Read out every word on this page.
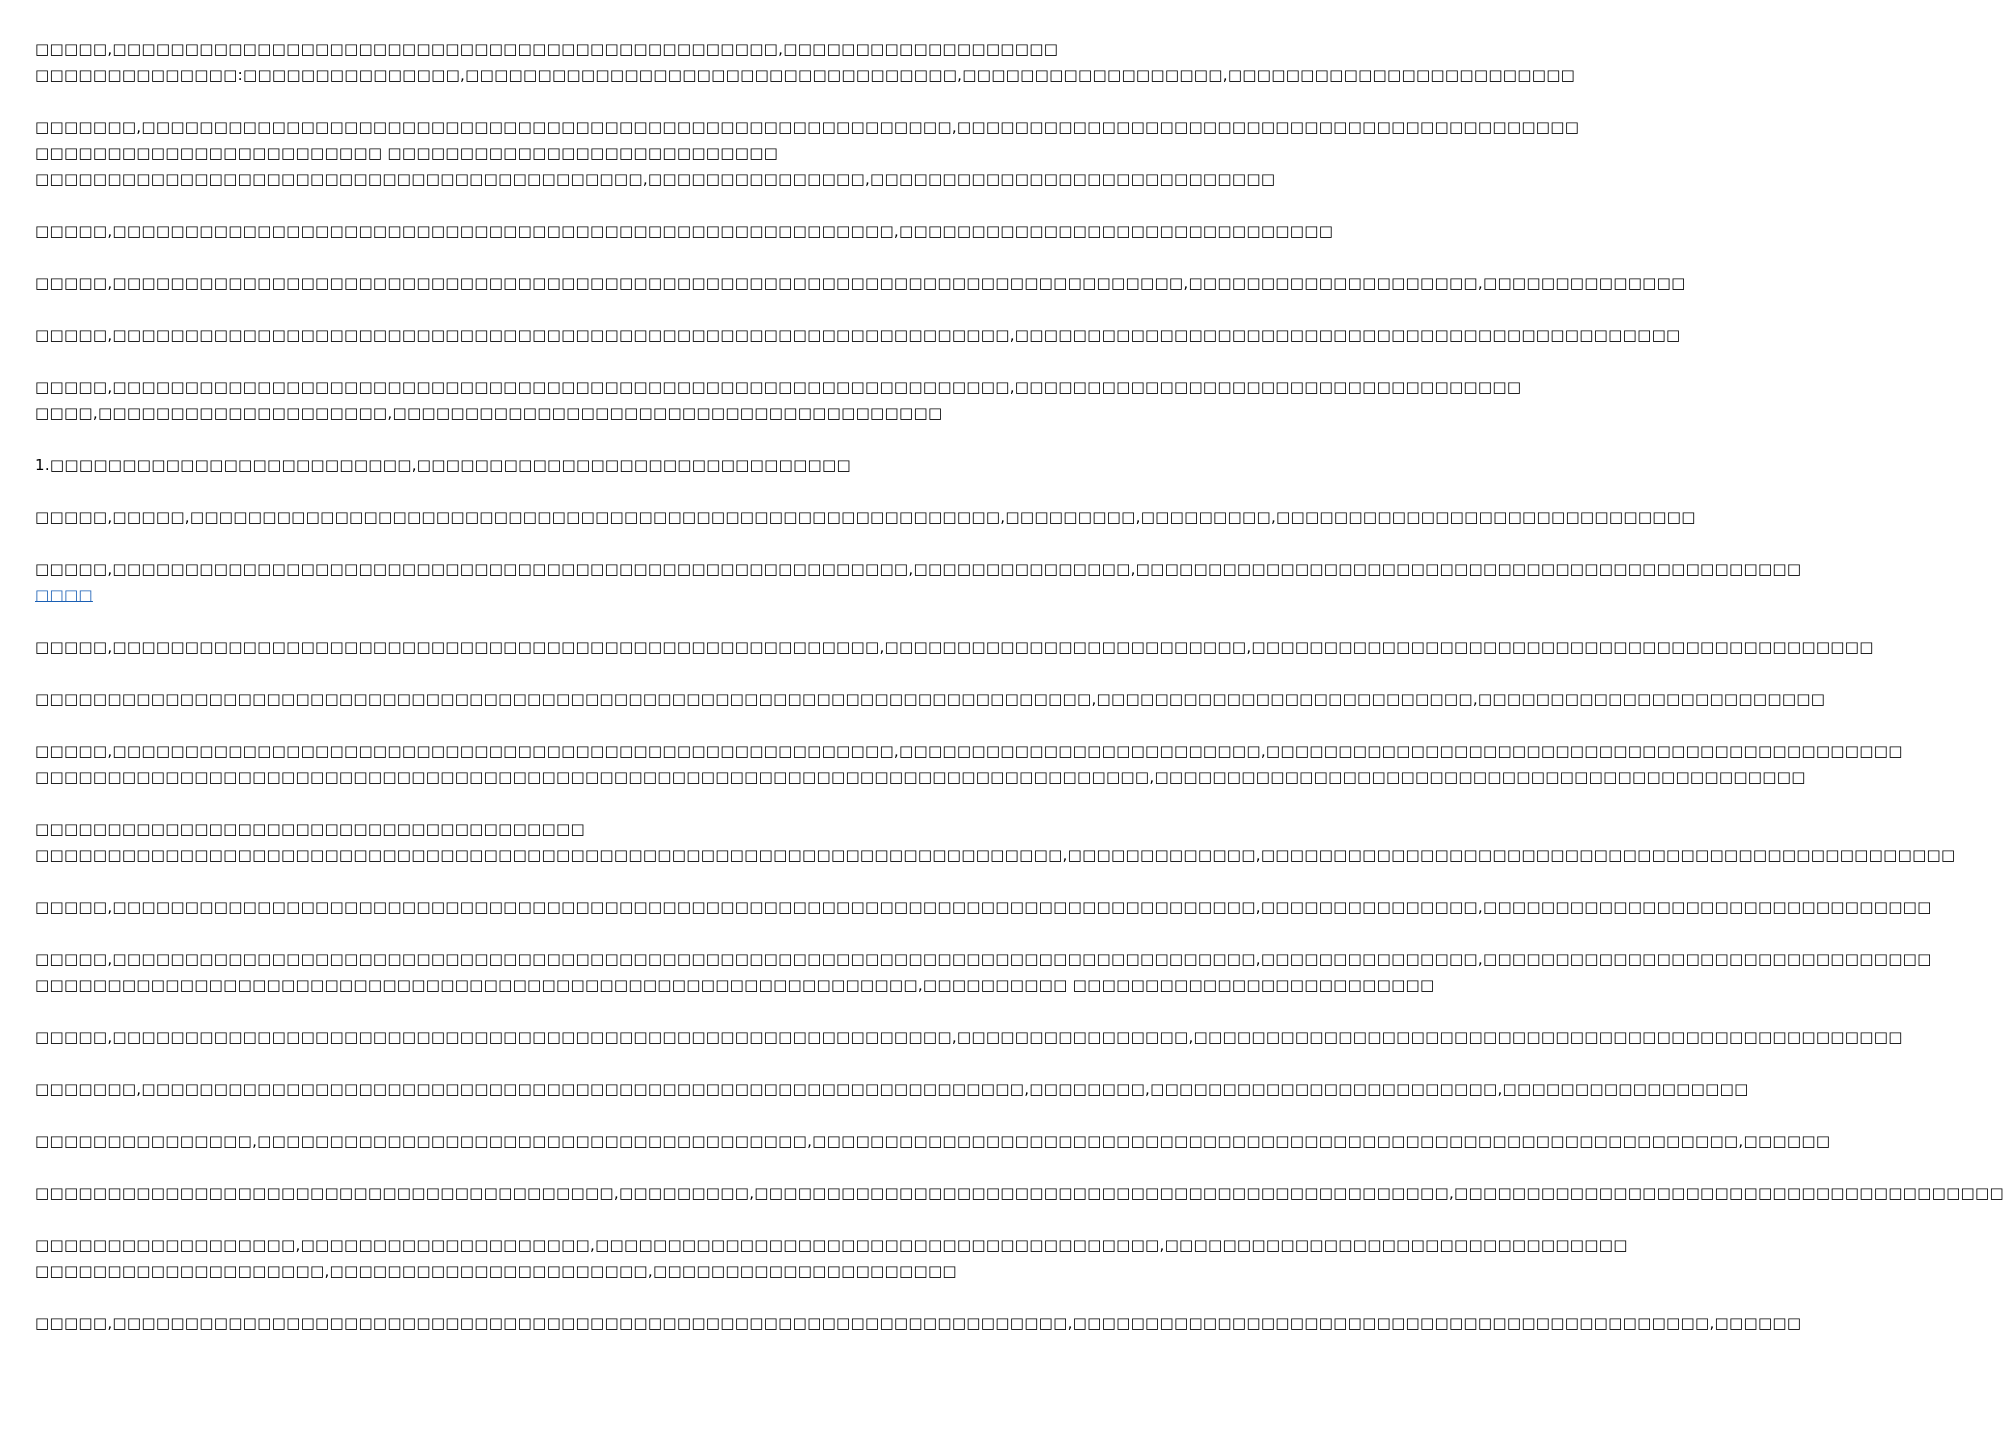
□□□□□,□□□□□□□□□□□□□□□□□□□□□□□□□□□□□□□□□□□□□□□□□□□□□□,□□□□□□□□□□□□□□□□□□□
□□□□□□□□□□□□□□:□□□□□□□□□□□□□□□,□□□□□□□□□□□□□□□□□□□□□□□□□□□□□□□□□□,□□□□□□□□□□□□□□□□□□,□□□□□□□□□□□□□□□□□□□□□□□□
□□□□□□□,□□□□□□□□□□□□□□□□□□□□□□□□□□□□□□□□□□□□□□□□□□□□□□□□□□□□□□□□,□□□□□□□□□□□□□□□□□□□□□□□□□□□□□□□□□□□□□□□□□□□
□□□□□□□□□□□□□□□□□□□□□□□□ □□□□□□□□□□□□□□□□□□□□□□□□□□□
□□□□□□□□□□□□□□□□□□□□□□□□□□□□□□□□□□□□□□□□□□,□□□□□□□□□□□□□□□,□□□□□□□□□□□□□□□□□□□□□□□□□□□□
□□□□□,□□□□□□□□□□□□□□□□□□□□□□□□□□□□□□□□□□□□□□□□□□□□□□□□□□□□□□,□□□□□□□□□□□□□□□□□□□□□□□□□□□□□□
□□□□□,□□□□□□□□□□□□□□□□□□□□□□□□□□□□□□□□□□□□□□□□□□□□□□□□□□□□□□□□□□□□□□□□□□□□□□□□□□,□□□□□□□□□□□□□□□□□□□□,□□□□□□□□□□□□□□
□□□□□,□□□□□□□□□□□□□□□□□□□□□□□□□□□□□□□□□□□□□□□□□□□□□□□□□□□□□□□□□□□□□□,□□□□□□□□□□□□□□□□□□□□□□□□□□□□□□□□□□□□□□□□□□□□□□
□□□□□,□□□□□□□□□□□□□□□□□□□□□□□□□□□□□□□□□□□□□□□□□□□□□□□□□□□□□□□□□□□□□□,□□□□□□□□□□□□□□□□□□□□□□□□□□□□□□□□□□□
□□□□,□□□□□□□□□□□□□□□□□□□□,□□□□□□□□□□□□□□□□□□□□□□□□□□□□□□□□□□□□□□
1.□□□□□□□□□□□□□□□□□□□□□□□□□,□□□□□□□□□□□□□□□□□□□□□□□□□□□□□□
□□□□□,□□□□□,□□□□□□□□□□□□□□□□□□□□□□□□□□□□□□□□□□□□□□□□□□□□□□□□□□□□□□□□,□□□□□□□□□,□□□□□□□□□,□□□□□□□□□□□□□□□□□□□□□□□□□□□□□
□□□□□,□□□□□□□□□□□□□□□□□□□□□□□□□□□□□□□□□□□□□□□□□□□□□□□□□□□□□□□,□□□□□□□□□□□□□□□,□□□□□□□□□□□□□□□□□□□□□□□□□□□□□□□□□□□□□□□□□□□□□□
□□□□
□□□□□,□□□□□□□□□□□□□□□□□□□□□□□□□□□□□□□□□□□□□□□□□□□□□□□□□□□□□,□□□□□□□□□□□□□□□□□□□□□□□□□,□□□□□□□□□□□□□□□□□□□□□□□□□□□□□□□□□□□□□□□□□□□
□□□□□□□□□□□□□□□□□□□□□□□□□□□□□□□□□□□□□□□□□□□□□□□□□□□□□□□□□□□□□□□□□□□□□□□□□,□□□□□□□□□□□□□□□□□□□□□□□□□□,□□□□□□□□□□□□□□□□□□□□□□□□
□□□□□,□□□□□□□□□□□□□□□□□□□□□□□□□□□□□□□□□□□□□□□□□□□□□□□□□□□□□□,□□□□□□□□□□□□□□□□□□□□□□□□□,□□□□□□□□□□□□□□□□□□□□□□□□□□□□□□□□□□□□□□□□□□□□
□□□□□□□□□□□□□□□□□□□□□□□□□□□□□□□□□□□□□□□□□□□□□□□□□□□□□□□□□□□□□□□□□□□□□□□□□□□□□,□□□□□□□□□□□□□□□□□□□□□□□□□□□□□□□□□□□□□□□□□□□□□
□□□□□□□□□□□□□□□□□□□□□□□□□□□□□□□□□□□□□□
□□□□□□□□□□□□□□□□□□□□□□□□□□□□□□□□□□□□□□□□□□□□□□□□□□□□□□□□□□□□□□□□□□□□□□□,□□□□□□□□□□□□□,□□□□□□□□□□□□□□□□□□□□□□□□□□□□□□□□□□□□□□□□□□□□□□□□
□□□□□,□□□□□□□□□□□□□□□□□□□□□□□□□□□□□□□□□□□□□□□□□□□□□□□□□□□□□□□□□□□□□□□□□□□□□□□□□□□□□□□,□□□□□□□□□□□□□□□,□□□□□□□□□□□□□□□□□□□□□□□□□□□□□□□
□□□□□,□□□□□□□□□□□□□□□□□□□□□□□□□□□□□□□□□□□□□□□□□□□□□□□□□□□□□□□□□□□□□□□□□□□□□□□□□□□□□□□,□□□□□□□□□□□□□□□,□□□□□□□□□□□□□□□□□□□□□□□□□□□□□□□
□□□□□□□□□□□□□□□□□□□□□□□□□□□□□□□□□□□□□□□□□□□□□□□□□□□□□□□□□□□□□,□□□□□□□□□□ □□□□□□□□□□□□□□□□□□□□□□□□□
□□□□□,□□□□□□□□□□□□□□□□□□□□□□□□□□□□□□□□□□□□□□□□□□□□□□□□□□□□□□□□□□,□□□□□□□□□□□□□□□□,□□□□□□□□□□□□□□□□□□□□□□□□□□□□□□□□□□□□□□□□□□□□□□□□□
□□□□□□□,□□□□□□□□□□□□□□□□□□□□□□□□□□□□□□□□□□□□□□□□□□□□□□□□□□□□□□□□□□□□□,□□□□□□□□,□□□□□□□□□□□□□□□□□□□□□□□□,□□□□□□□□□□□□□□□□□
□□□□□□□□□□□□□□□,□□□□□□□□□□□□□□□□□□□□□□□□□□□□□□□□□□□□□□,□□□□□□□□□□□□□□□□□□□□□□□□□□□□□□□□□□□□□□□□□□□□□□□□□□□□□□□□□□□□□□□□,□□□□□□
□□□□□□□□□□□□□□□□□□□□□□□□□□□□□□□□□□□□□□□□,□□□□□□□□□,□□□□□□□□□□□□□□□□□□□□□□□□□□□□□□□□□□□□□□□□□□□□□□□□,□□□□□□□□□□□□□□□□□□□□□□□□□□□□□□□□□□□□□□
□□□□□□□□□□□□□□□□□□,□□□□□□□□□□□□□□□□□□□□,□□□□□□□□□□□□□□□□□□□□□□□□□□□□□□□□□□□□□□□,□□□□□□□□□□□□□□□□□□□□□□□□□□□□□□□□
□□□□□□□□□□□□□□□□□□□□,□□□□□□□□□□□□□□□□□□□□□□,□□□□□□□□□□□□□□□□□□□□□
□□□□□,□□□□□□□□□□□□□□□□□□□□□□□□□□□□□□□□□□□□□□□□□□□□□□□□□□□□□□□□□□□□□□□□□□,□□□□□□□□□□□□□□□□□□□□□□□□□□□□□□□□□□□□□□□□□□□□,□□□□□□
